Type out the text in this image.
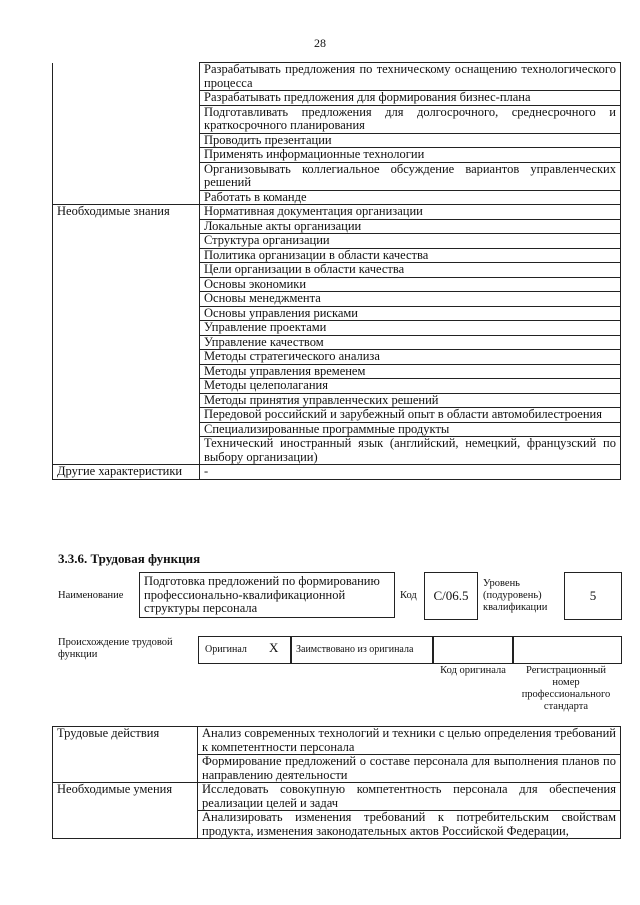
28
	Разрабатывать предложения по техническому оснащению технологического процесса
	Разрабатывать предложения для формирования бизнес-плана
	Подготавливать предложения для долгосрочного, среднесрочного и краткосрочного планирования
	Проводить презентации
	Применять информационные технологии
	Организовывать коллегиальное обсуждение вариантов управленческих решений
	Работать в команде
Необходимые знания	Нормативная документация организации
	Локальные акты организации
	Структура организации
	Политика организации в области качества
	Цели организации в области качества
	Основы экономики
	Основы менеджмента
	Основы управления рисками
	Управление проектами
	Управление качеством
	Методы стратегического анализа
	Методы управления временем
	Методы целеполагания
	Методы принятия управленческих решений
	Передовой российский и зарубежный опыт в области автомобилестроения
	Специализированные программные продукты
	Технический иностранный язык (английский, немецкий, французский по выбору организации)
Другие характеристики	-
3.3.6. Трудовая функция
Наименование
Подготовка предложений по формированию профессионально-квалификационной структуры персонала
Код	С/06.5
Уровень (подуровень) квалификации
5
Происхождение трудовой функции	Оригинал Х Заимствовано из оригинала
Код оригинала	Регистрационный номер профессионального стандарта
Трудовые действия	Анализ современных технологий и техники с целью определения требований к компетентности персонала
	Формирование предложений о составе персонала для выполнения планов по направлению деятельности
Необходимые умения	Исследовать совокупную компетентность персонала для обеспечения реализации целей и задач
	Анализировать изменения требований к потребительским свойствам продукта, изменения законодательных актов Российской Федерации,
